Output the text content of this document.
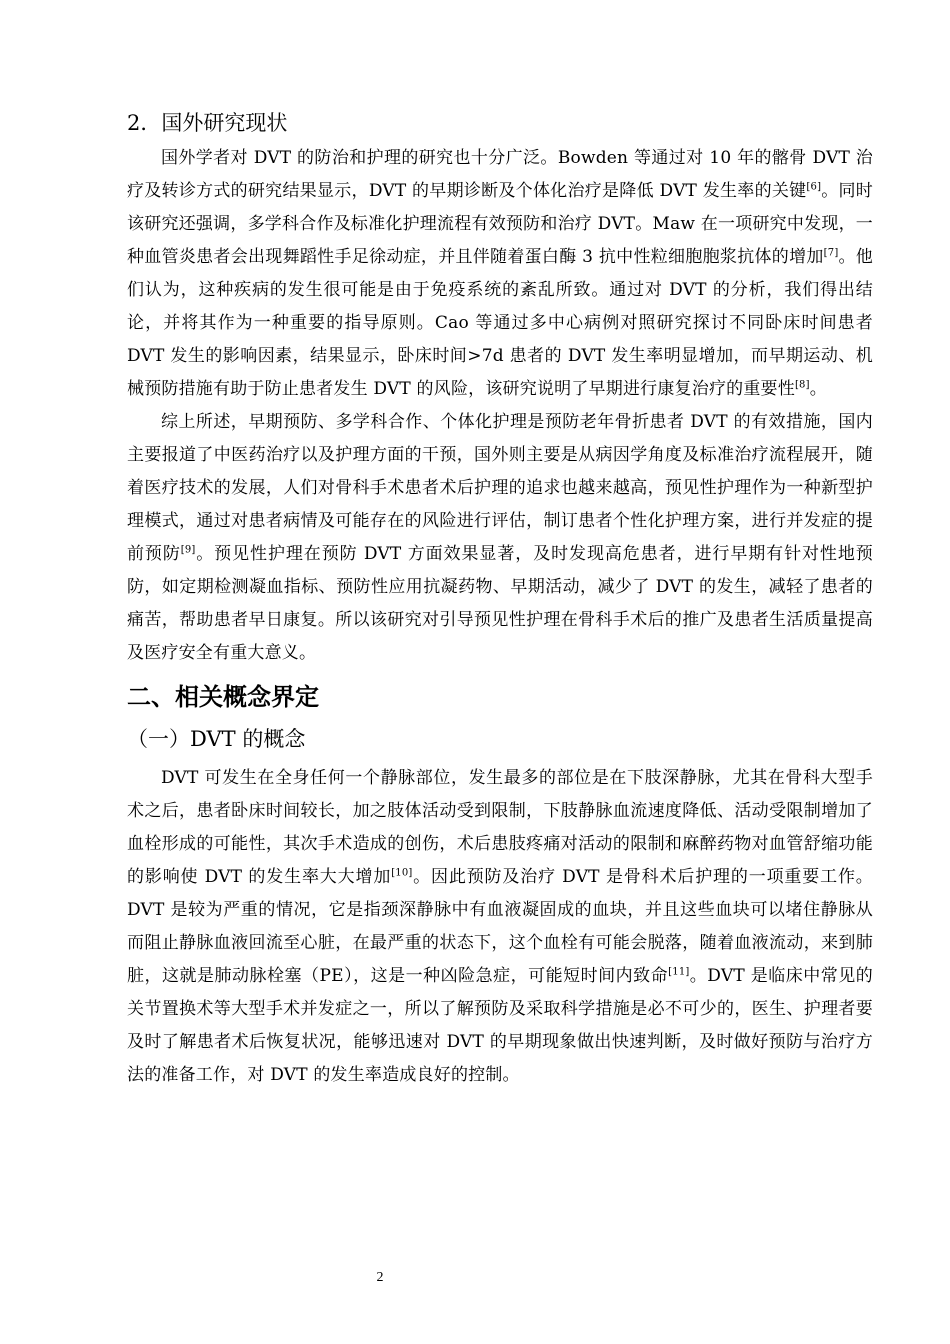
2．国外研究现状

国外学者对 DVT 的防治和护理的研究也十分广泛。Bowden 等通过对 10 年的髂骨 DVT 治疗及转诊方式的研究结果显示，DVT 的早期诊断及个体化治疗是降低 DVT 发生率的关键[6]。同时该研究还强调，多学科合作及标准化护理流程有效预防和治疗 DVT。Maw 在一项研究中发现，一种血管炎患者会出现舞蹈性手足徐动症，并且伴随着蛋白酶 3 抗中性粒细胞胞浆抗体的增加[7]。他们认为，这种疾病的发生很可能是由于免疫系统的紊乱所致。通过对 DVT 的分析，我们得出结论，并将其作为一种重要的指导原则。Cao 等通过多中心病例对照研究探讨不同卧床时间患者 DVT 发生的影响因素，结果显示，卧床时间>7d 患者的 DVT 发生率明显增加，而早期运动、机械预防措施有助于防止患者发生 DVT 的风险，该研究说明了早期进行康复治疗的重要性[8]。

综上所述，早期预防、多学科合作、个体化护理是预防老年骨折患者 DVT 的有效措施，国内主要报道了中医药治疗以及护理方面的干预，国外则主要是从病因学角度及标准治疗流程展开，随着医疗技术的发展，人们对骨科手术患者术后护理的追求也越来越高，预见性护理作为一种新型护理模式，通过对患者病情及可能存在的风险进行评估，制订患者个性化护理方案，进行并发症的提前预防[9]。预见性护理在预防 DVT 方面效果显著，及时发现高危患者，进行早期有针对性地预防，如定期检测凝血指标、预防性应用抗凝药物、早期活动，减少了 DVT 的发生，减轻了患者的痛苦，帮助患者早日康复。所以该研究对引导预见性护理在骨科手术后的推广及患者生活质量提高及医疗安全有重大意义。

二、相关概念界定
（一）DVT 的概念

DVT 可发生在全身任何一个静脉部位，发生最多的部位是在下肢深静脉，尤其在骨科大型手术之后，患者卧床时间较长，加之肢体活动受到限制，下肢静脉血流速度降低、活动受限制增加了血栓形成的可能性，其次手术造成的创伤，术后患肢疼痛对活动的限制和麻醉药物对血管舒缩功能的影响使 DVT 的发生率大大增加[10]。因此预防及治疗 DVT 是骨科术后护理的一项重要工作。DVT 是较为严重的情况，它是指颈深静脉中有血液凝固成的血块，并且这些血块可以堵住静脉从而阻止静脉血液回流至心脏，在最严重的状态下，这个血栓有可能会脱落，随着血液流动，来到肺脏，这就是肺动脉栓塞（PE），这是一种凶险急症，可能短时间内致命[11]。DVT 是临床中常见的关节置换术等大型手术并发症之一，所以了解预防及采取科学措施是必不可少的，医生、护理者要及时了解患者术后恢复状况，能够迅速对 DVT 的早期现象做出快速判断，及时做好预防与治疗方法的准备工作，对 DVT 的发生率造成良好的控制。

2
